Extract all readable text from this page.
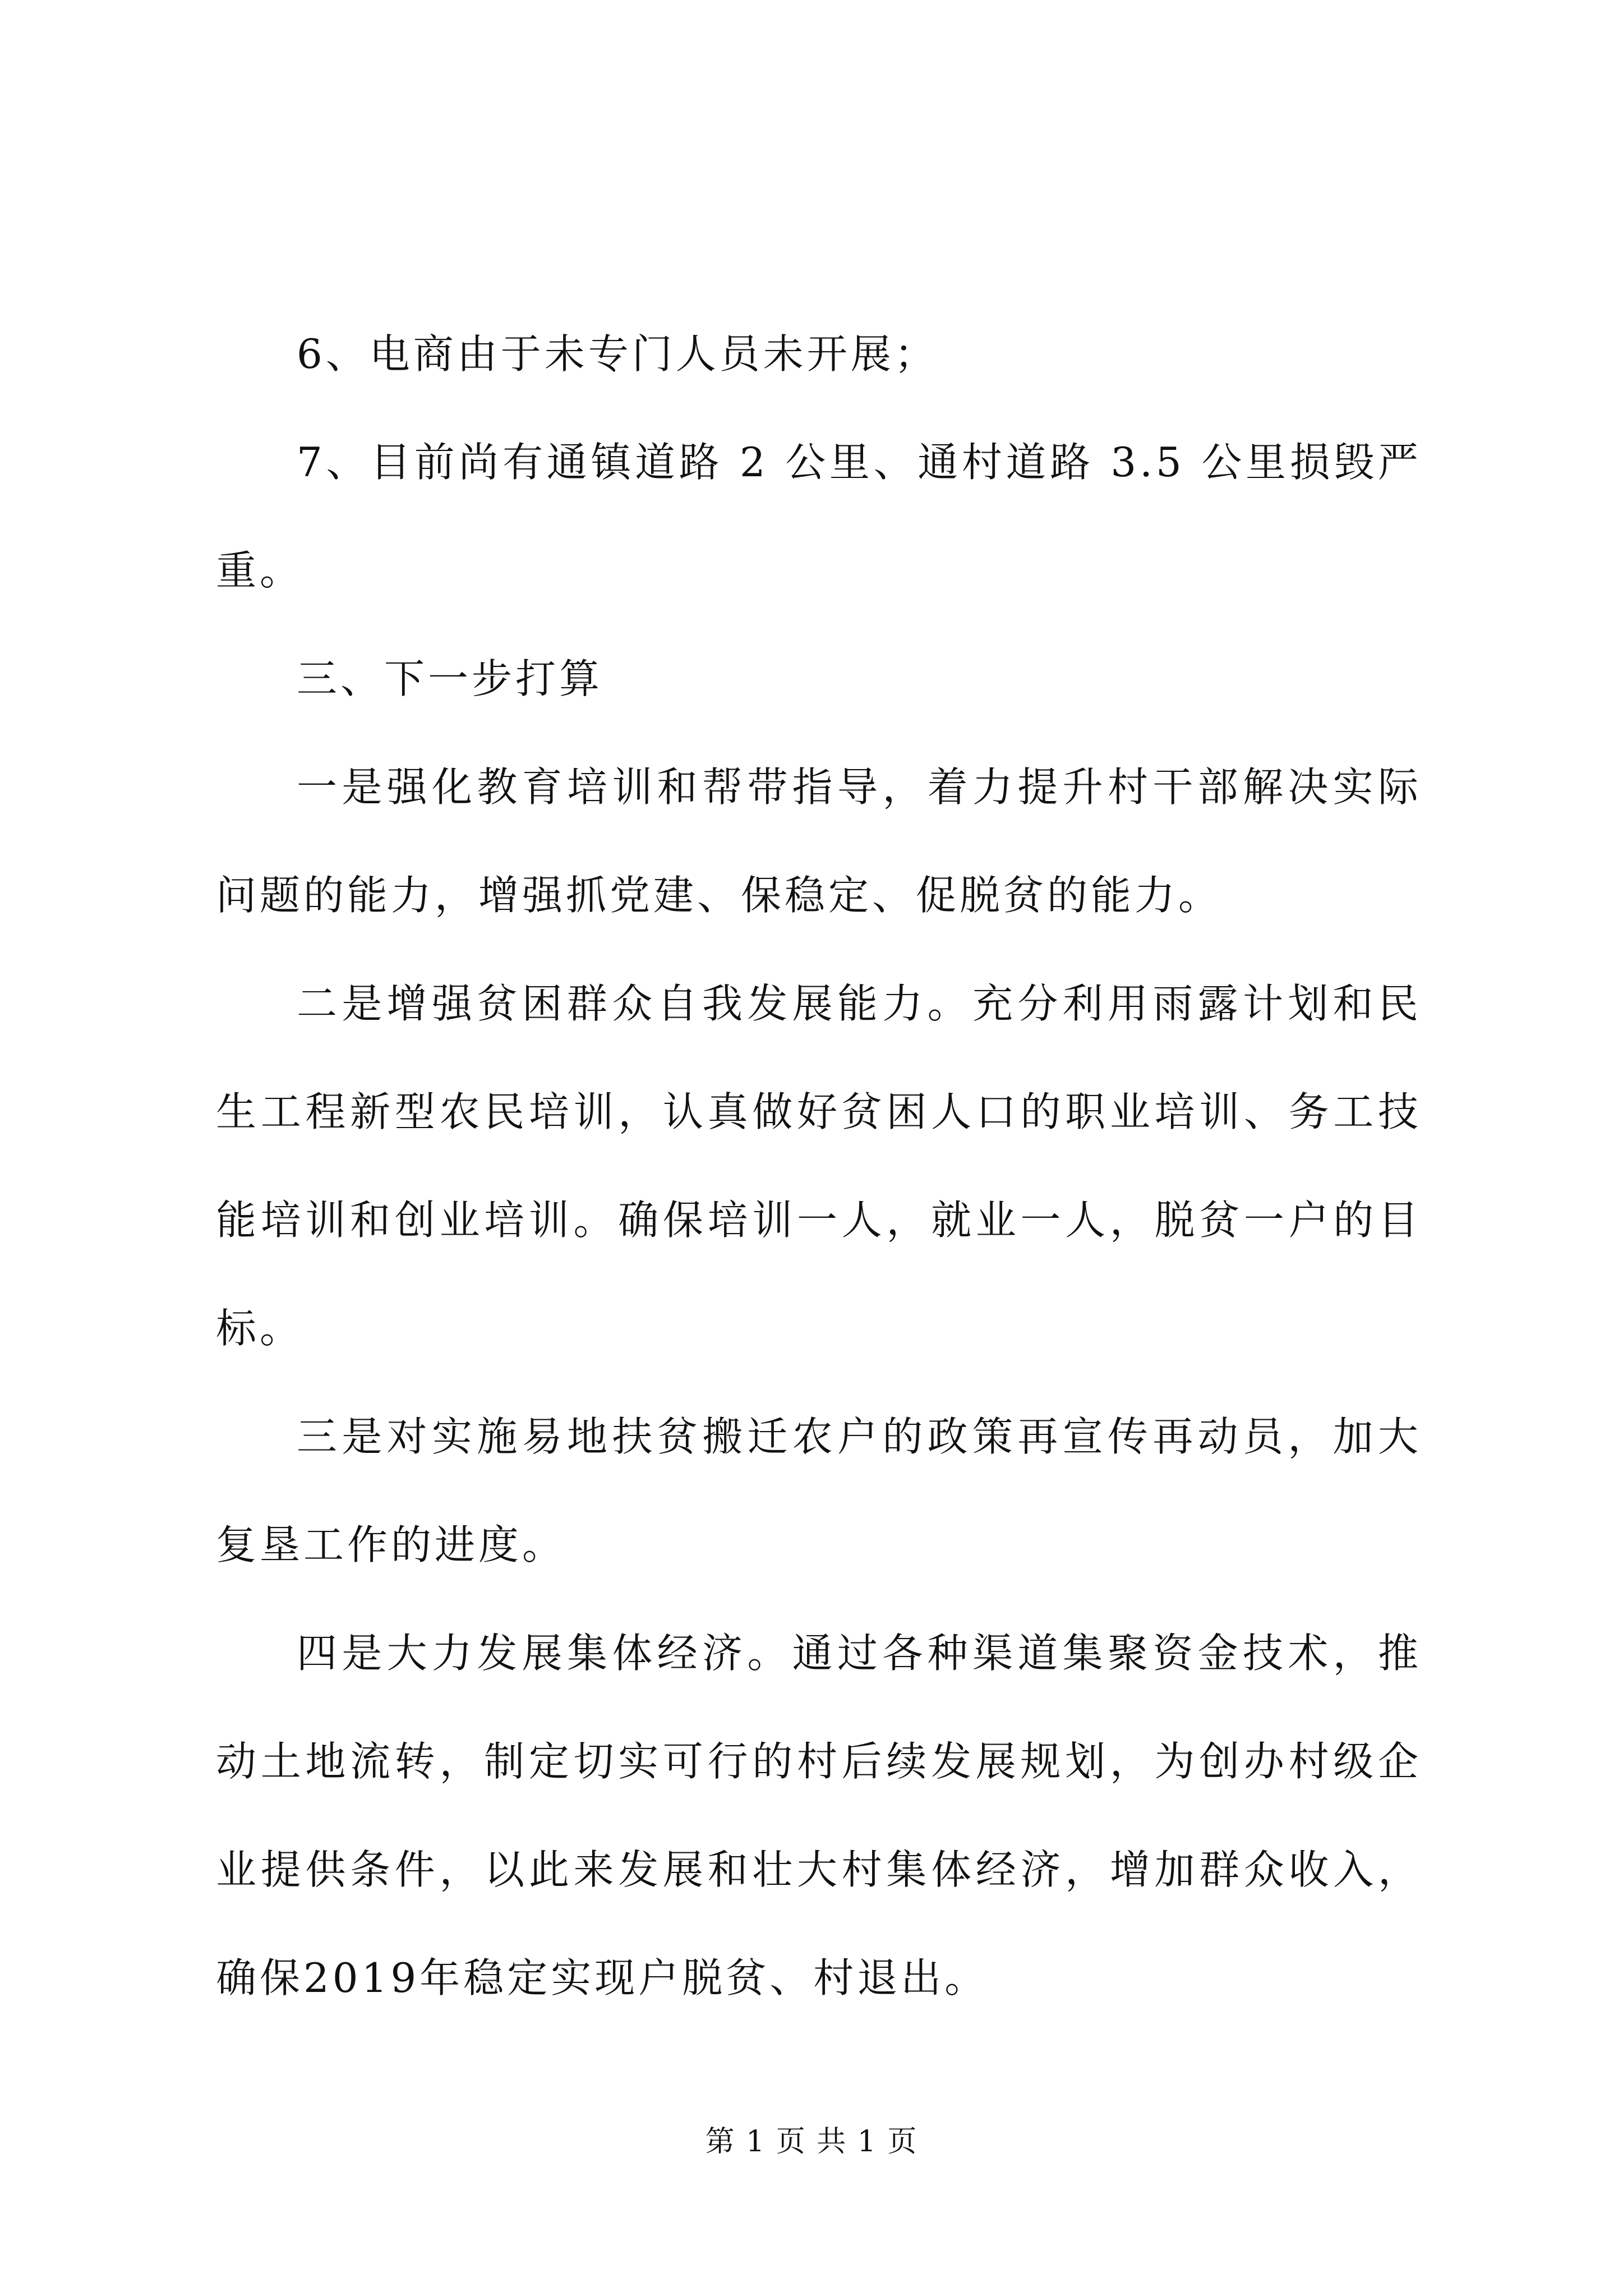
6、电商由于未专门人员未开展；

7、目前尚有通镇道路 2 公里、通村道路 3.5 公里损毁严重。

三、下一步打算

一是强化教育培训和帮带指导，着力提升村干部解决实际问题的能力，增强抓党建、保稳定、促脱贫的能力。

二是增强贫困群众自我发展能力。充分利用雨露计划和民生工程新型农民培训，认真做好贫困人口的职业培训、务工技能培训和创业培训。确保培训一人，就业一人，脱贫一户的目标。

三是对实施易地扶贫搬迁农户的政策再宣传再动员，加大复垦工作的进度。

四是大力发展集体经济。通过各种渠道集聚资金技术，推动土地流转，制定切实可行的村后续发展规划，为创办村级企业提供条件，以此来发展和壮大村集体经济，增加群众收入，确保2019年稳定实现户脱贫、村退出。

第 1 页 共 1 页
